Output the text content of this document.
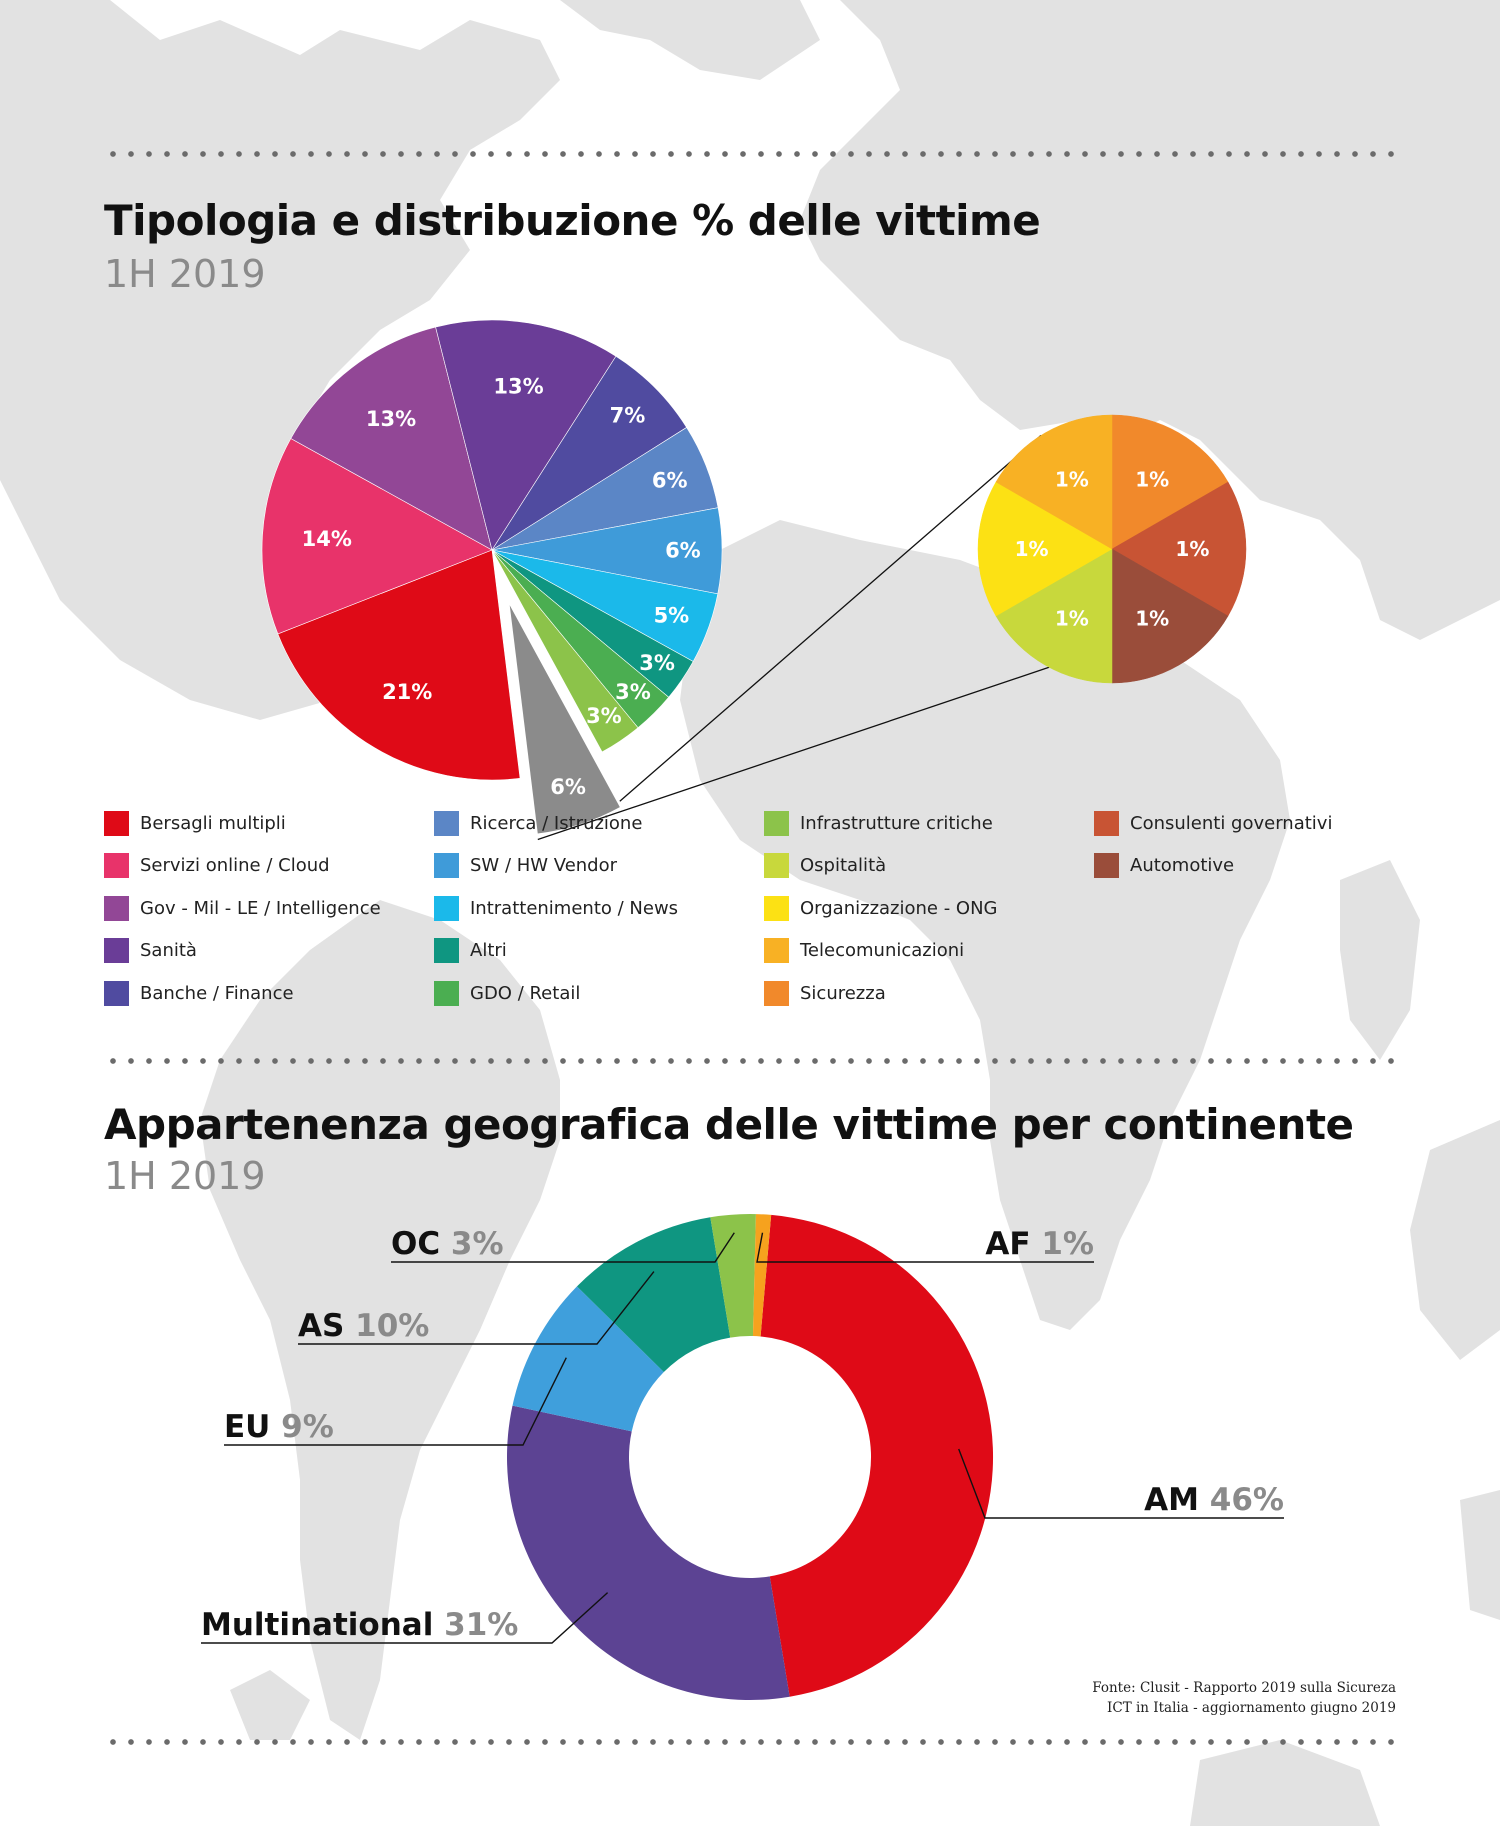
Tipologia e distribuzione % delle vittime
1H 2019
21%
14%
13%
13%
7%
6%
6%
5%
3%
3%
3%
6%
1%
1%
1%
1%
1%
1%
AM 46%
Multinational 31%
EU 9%
AS 10%
OC 3%	AF 1%
Bersagli multipli
Servizi online / Cloud
Gov - Mil - LE / Intelligence
Sanità
Banche / Finance
Ricerca / Istruzione
SW / HW Vendor
Intrattenimento / News
Altri
GDO / Retail
Infrastrutture critiche
Ospitalità
Organizzazione - ONG
Telecomunicazioni
Sicurezza
Consulenti governativi
Automotive
Appartenenza geografica delle vittime per continente
1H 2019
Fonte: Clusit - Rapporto 2019 sulla Sicureza
ICT in Italia - aggiornamento giugno 2019
